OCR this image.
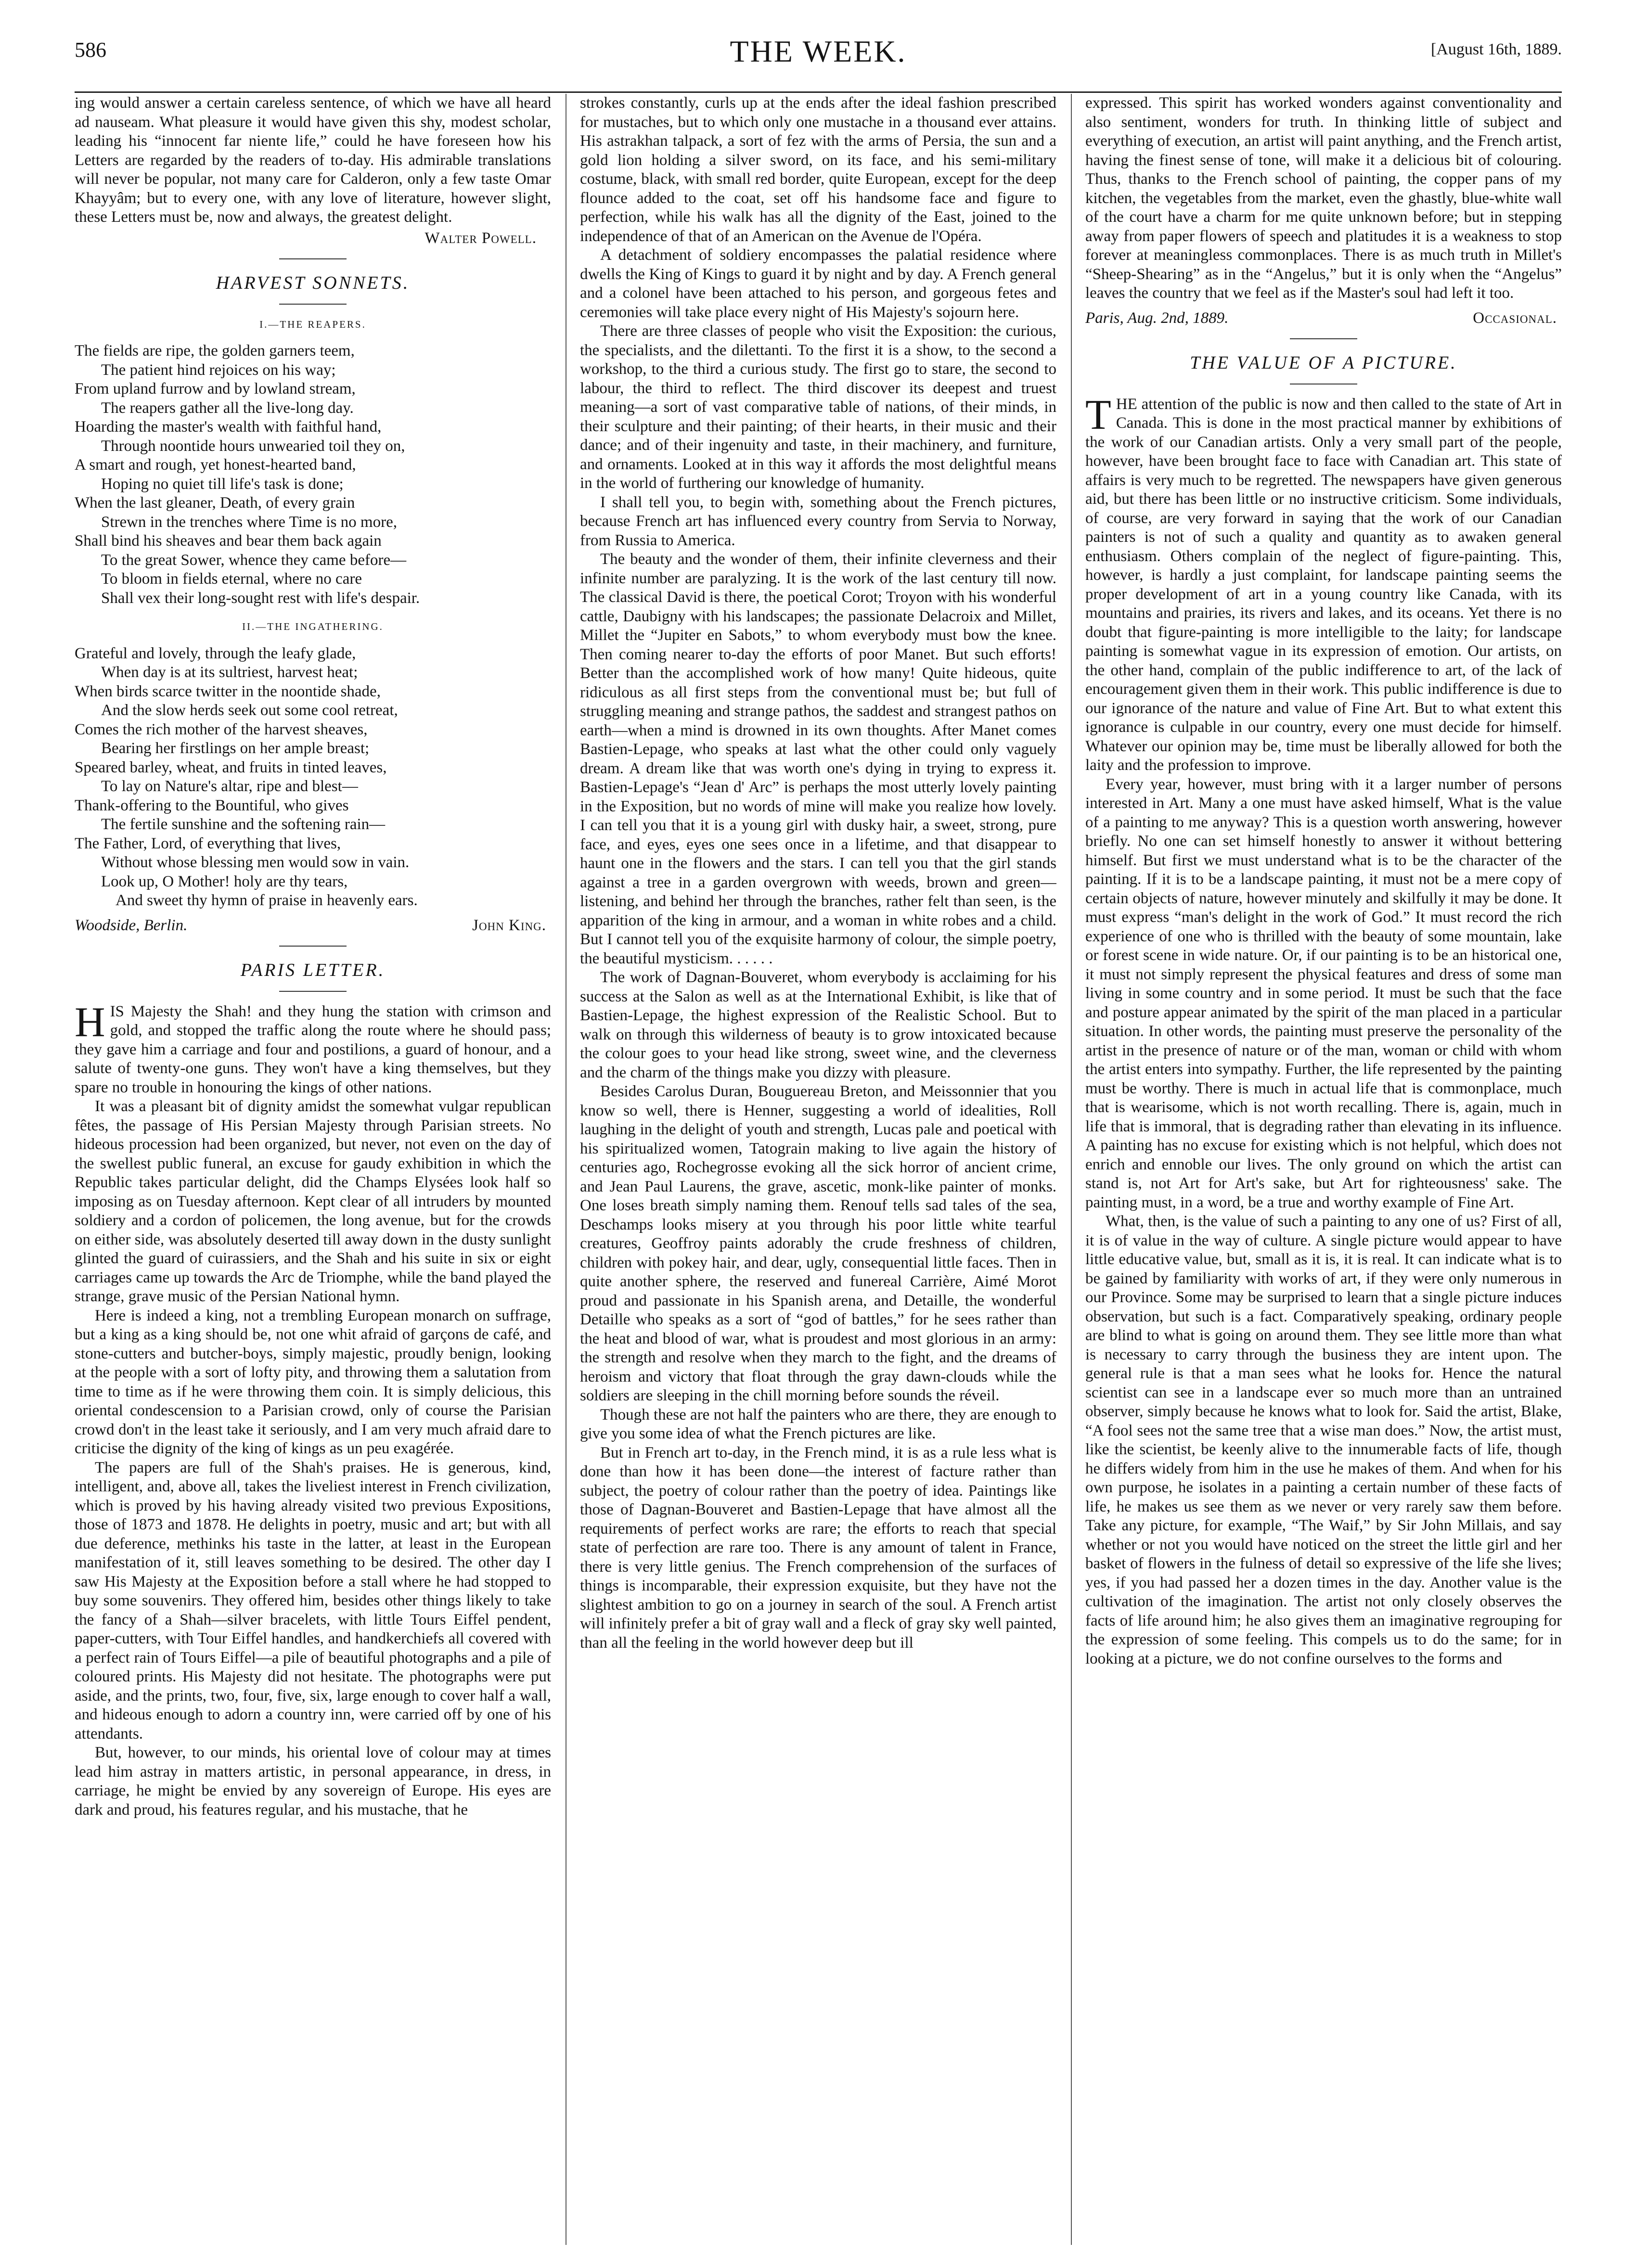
586	THE WEEK.	[August 16th, 1889.

ing would answer a certain careless sentence, of which we have all heard ad nauseam. What pleasure it would have given this shy, modest scholar, leading his “innocent far niente life,” could he have foreseen how his Letters are regarded by the readers of to-day. His admirable translations will never be popular, not many care for Calderon, only a few taste Omar Khayyâm; but to every one, with any love of literature, however slight, these Letters must be, now and always, the greatest delight.

Walter Powell.
HARVEST SONNETS.
I.—THE REAPERS.
The fields are ripe, the golden garners teem,
The patient hind rejoices on his way;
From upland furrow and by lowland stream,
The reapers gather all the live-long day.
Hoarding the master's wealth with faithful hand,
Through noontide hours unwearied toil they on,
A smart and rough, yet honest-hearted band,
Hoping no quiet till life's task is done;
When the last gleaner, Death, of every grain
Strewn in the trenches where Time is no more,
Shall bind his sheaves and bear them back again
To the great Sower, whence they came before—
To bloom in fields eternal, where no care
Shall vex their long-sought rest with life's despair.
II.—THE INGATHERING.
Grateful and lovely, through the leafy glade,
When day is at its sultriest, harvest heat;
When birds scarce twitter in the noontide shade,
And the slow herds seek out some cool retreat,
Comes the rich mother of the harvest sheaves,
Bearing her firstlings on her ample breast;
Speared barley, wheat, and fruits in tinted leaves,
To lay on Nature's altar, ripe and blest—
Thank-offering to the Bountiful, who gives
The fertile sunshine and the softening rain—
The Father, Lord, of everything that lives,
Without whose blessing men would sow in vain.
Look up, O Mother! holy are thy tears,
And sweet thy hymn of praise in heavenly ears.
Woodside, Berlin.	John King.
PARIS LETTER.

HIS Majesty the Shah! and they hung the station with crimson and gold, and stopped the traffic along the route where he should pass; they gave him a carriage and four and postilions, a guard of honour, and a salute of twenty-one guns. They won't have a king themselves, but they spare no trouble in honouring the kings of other nations.

It was a pleasant bit of dignity amidst the somewhat vulgar republican fêtes, the passage of His Persian Majesty through Parisian streets. No hideous procession had been organized, but never, not even on the day of the swellest public funeral, an excuse for gaudy exhibition in which the Republic takes particular delight, did the Champs Elysées look half so imposing as on Tuesday afternoon. Kept clear of all intruders by mounted soldiery and a cordon of policemen, the long avenue, but for the crowds on either side, was absolutely deserted till away down in the dusty sunlight glinted the guard of cuirassiers, and the Shah and his suite in six or eight carriages came up towards the Arc de Triomphe, while the band played the strange, grave music of the Persian National hymn.

Here is indeed a king, not a trembling European monarch on suffrage, but a king as a king should be, not one whit afraid of garçons de café, and stone-cutters and butcher-boys, simply majestic, proudly benign, looking at the people with a sort of lofty pity, and throwing them a salutation from time to time as if he were throwing them coin. It is simply delicious, this oriental condescension to a Parisian crowd, only of course the Parisian crowd don't in the least take it seriously, and I am very much afraid dare to criticise the dignity of the king of kings as un peu exagérée.

The papers are full of the Shah's praises. He is generous, kind, intelligent, and, above all, takes the liveliest interest in French civilization, which is proved by his having already visited two previous Expositions, those of 1873 and 1878. He delights in poetry, music and art; but with all due deference, methinks his taste in the latter, at least in the European manifestation of it, still leaves something to be desired. The other day I saw His Majesty at the Exposition before a stall where he had stopped to buy some souvenirs. They offered him, besides other things likely to take the fancy of a Shah—silver bracelets, with little Tours Eiffel pendent, paper-cutters, with Tour Eiffel handles, and handkerchiefs all covered with a perfect rain of Tours Eiffel—a pile of beautiful photographs and a pile of coloured prints. His Majesty did not hesitate. The photographs were put aside, and the prints, two, four, five, six, large enough to cover half a wall, and hideous enough to adorn a country inn, were carried off by one of his attendants.

But, however, to our minds, his oriental love of colour may at times lead him astray in matters artistic, in personal appearance, in dress, in carriage, he might be envied by any sovereign of Europe. His eyes are dark and proud, his features regular, and his mustache, that he

strokes constantly, curls up at the ends after the ideal fashion prescribed for mustaches, but to which only one mustache in a thousand ever attains. His astrakhan talpack, a sort of fez with the arms of Persia, the sun and a gold lion holding a silver sword, on its face, and his semi-military costume, black, with small red border, quite European, except for the deep flounce added to the coat, set off his handsome face and figure to perfection, while his walk has all the dignity of the East, joined to the independence of that of an American on the Avenue de l'Opéra.

A detachment of soldiery encompasses the palatial residence where dwells the King of Kings to guard it by night and by day. A French general and a colonel have been attached to his person, and gorgeous fetes and ceremonies will take place every night of His Majesty's sojourn here.

There are three classes of people who visit the Exposition: the curious, the specialists, and the dilettanti. To the first it is a show, to the second a workshop, to the third a curious study. The first go to stare, the second to labour, the third to reflect. The third discover its deepest and truest meaning—a sort of vast comparative table of nations, of their minds, in their sculpture and their painting; of their hearts, in their music and their dance; and of their ingenuity and taste, in their machinery, and furniture, and ornaments. Looked at in this way it affords the most delightful means in the world of furthering our knowledge of humanity.

I shall tell you, to begin with, something about the French pictures, because French art has influenced every country from Servia to Norway, from Russia to America.

The beauty and the wonder of them, their infinite cleverness and their infinite number are paralyzing. It is the work of the last century till now. The classical David is there, the poetical Corot; Troyon with his wonderful cattle, Daubigny with his landscapes; the passionate Delacroix and Millet, Millet the “Jupiter en Sabots,” to whom everybody must bow the knee. Then coming nearer to-day the efforts of poor Manet. But such efforts! Better than the accomplished work of how many! Quite hideous, quite ridiculous as all first steps from the conventional must be; but full of struggling meaning and strange pathos, the saddest and strangest pathos on earth—when a mind is drowned in its own thoughts. After Manet comes Bastien-Lepage, who speaks at last what the other could only vaguely dream. A dream like that was worth one's dying in trying to express it. Bastien-Lepage's “Jean d' Arc” is perhaps the most utterly lovely painting in the Exposition, but no words of mine will make you realize how lovely. I can tell you that it is a young girl with dusky hair, a sweet, strong, pure face, and eyes, eyes one sees once in a lifetime, and that disappear to haunt one in the flowers and the stars. I can tell you that the girl stands against a tree in a garden overgrown with weeds, brown and green—listening, and behind her through the branches, rather felt than seen, is the apparition of the king in armour, and a woman in white robes and a child. But I cannot tell you of the exquisite harmony of colour, the simple poetry, the beautiful mysticism. . . . . .

The work of Dagnan-Bouveret, whom everybody is acclaiming for his success at the Salon as well as at the International Exhibit, is like that of Bastien-Lepage, the highest expression of the Realistic School. But to walk on through this wilderness of beauty is to grow intoxicated because the colour goes to your head like strong, sweet wine, and the cleverness and the charm of the things make you dizzy with pleasure.

Besides Carolus Duran, Bouguereau Breton, and Meissonnier that you know so well, there is Henner, suggesting a world of idealities, Roll laughing in the delight of youth and strength, Lucas pale and poetical with his spiritualized women, Tatograin making to live again the history of centuries ago, Rochegrosse evoking all the sick horror of ancient crime, and Jean Paul Laurens, the grave, ascetic, monk-like painter of monks. One loses breath simply naming them. Renouf tells sad tales of the sea, Deschamps looks misery at you through his poor little white tearful creatures, Geoffroy paints adorably the crude freshness of children, children with pokey hair, and dear, ugly, consequential little faces. Then in quite another sphere, the reserved and funereal Carrière, Aimé Morot proud and passionate in his Spanish arena, and Detaille, the wonderful Detaille who speaks as a sort of “god of battles,” for he sees rather than the heat and blood of war, what is proudest and most glorious in an army: the strength and resolve when they march to the fight, and the dreams of heroism and victory that float through the gray dawn-clouds while the soldiers are sleeping in the chill morning before sounds the réveil.

Though these are not half the painters who are there, they are enough to give you some idea of what the French pictures are like.

But in French art to-day, in the French mind, it is as a rule less what is done than how it has been done—the interest of facture rather than subject, the poetry of colour rather than the poetry of idea. Paintings like those of Dagnan-Bouveret and Bastien-Lepage that have almost all the requirements of perfect works are rare; the efforts to reach that special state of perfection are rare too. There is any amount of talent in France, there is very little genius. The French comprehension of the surfaces of things is incomparable, their expression exquisite, but they have not the slightest ambition to go on a journey in search of the soul. A French artist will infinitely prefer a bit of gray wall and a fleck of gray sky well painted, than all the feeling in the world however deep but ill

expressed. This spirit has worked wonders against conventionality and also sentiment, wonders for truth. In thinking little of subject and everything of execution, an artist will paint anything, and the French artist, having the finest sense of tone, will make it a delicious bit of colouring. Thus, thanks to the French school of painting, the copper pans of my kitchen, the vegetables from the market, even the ghastly, blue-white wall of the court have a charm for me quite unknown before; but in stepping away from paper flowers of speech and platitudes it is a weakness to stop forever at meaningless commonplaces. There is as much truth in Millet's “Sheep-Shearing” as in the “Angelus,” but it is only when the “Angelus” leaves the country that we feel as if the Master's soul had left it too.

Paris, Aug. 2nd, 1889.	Occasional.
THE VALUE OF A PICTURE.

THE attention of the public is now and then called to the state of Art in Canada. This is done in the most practical manner by exhibitions of the work of our Canadian artists. Only a very small part of the people, however, have been brought face to face with Canadian art. This state of affairs is very much to be regretted. The newspapers have given generous aid, but there has been little or no instructive criticism. Some individuals, of course, are very forward in saying that the work of our Canadian painters is not of such a quality and quantity as to awaken general enthusiasm. Others complain of the neglect of figure-painting. This, however, is hardly a just complaint, for landscape painting seems the proper development of art in a young country like Canada, with its mountains and prairies, its rivers and lakes, and its oceans. Yet there is no doubt that figure-painting is more intelligible to the laity; for landscape painting is somewhat vague in its expression of emotion. Our artists, on the other hand, complain of the public indifference to art, of the lack of encouragement given them in their work. This public indifference is due to our ignorance of the nature and value of Fine Art. But to what extent this ignorance is culpable in our country, every one must decide for himself. Whatever our opinion may be, time must be liberally allowed for both the laity and the profession to improve.

Every year, however, must bring with it a larger number of persons interested in Art. Many a one must have asked himself, What is the value of a painting to me anyway? This is a question worth answering, however briefly. No one can set himself honestly to answer it without bettering himself. But first we must understand what is to be the character of the painting. If it is to be a landscape painting, it must not be a mere copy of certain objects of nature, however minutely and skilfully it may be done. It must express “man's delight in the work of God.” It must record the rich experience of one who is thrilled with the beauty of some mountain, lake or forest scene in wide nature. Or, if our painting is to be an historical one, it must not simply represent the physical features and dress of some man living in some country and in some period. It must be such that the face and posture appear animated by the spirit of the man placed in a particular situation. In other words, the painting must preserve the personality of the artist in the presence of nature or of the man, woman or child with whom the artist enters into sympathy. Further, the life represented by the painting must be worthy. There is much in actual life that is commonplace, much that is wearisome, which is not worth recalling. There is, again, much in life that is immoral, that is degrading rather than elevating in its influence. A painting has no excuse for existing which is not helpful, which does not enrich and ennoble our lives. The only ground on which the artist can stand is, not Art for Art's sake, but Art for righteousness' sake. The painting must, in a word, be a true and worthy example of Fine Art.

What, then, is the value of such a painting to any one of us? First of all, it is of value in the way of culture. A single picture would appear to have little educative value, but, small as it is, it is real. It can indicate what is to be gained by familiarity with works of art, if they were only numerous in our Province. Some may be surprised to learn that a single picture induces observation, but such is a fact. Comparatively speaking, ordinary people are blind to what is going on around them. They see little more than what is necessary to carry through the business they are intent upon. The general rule is that a man sees what he looks for. Hence the natural scientist can see in a landscape ever so much more than an untrained observer, simply because he knows what to look for. Said the artist, Blake, “A fool sees not the same tree that a wise man does.” Now, the artist must, like the scientist, be keenly alive to the innumerable facts of life, though he differs widely from him in the use he makes of them. And when for his own purpose, he isolates in a painting a certain number of these facts of life, he makes us see them as we never or very rarely saw them before. Take any picture, for example, “The Waif,” by Sir John Millais, and say whether or not you would have noticed on the street the little girl and her basket of flowers in the fulness of detail so expressive of the life she lives; yes, if you had passed her a dozen times in the day. Another value is the cultivation of the imagination. The artist not only closely observes the facts of life around him; he also gives them an imaginative regrouping for the expression of some feeling. This compels us to do the same; for in looking at a picture, we do not confine ourselves to the forms and
